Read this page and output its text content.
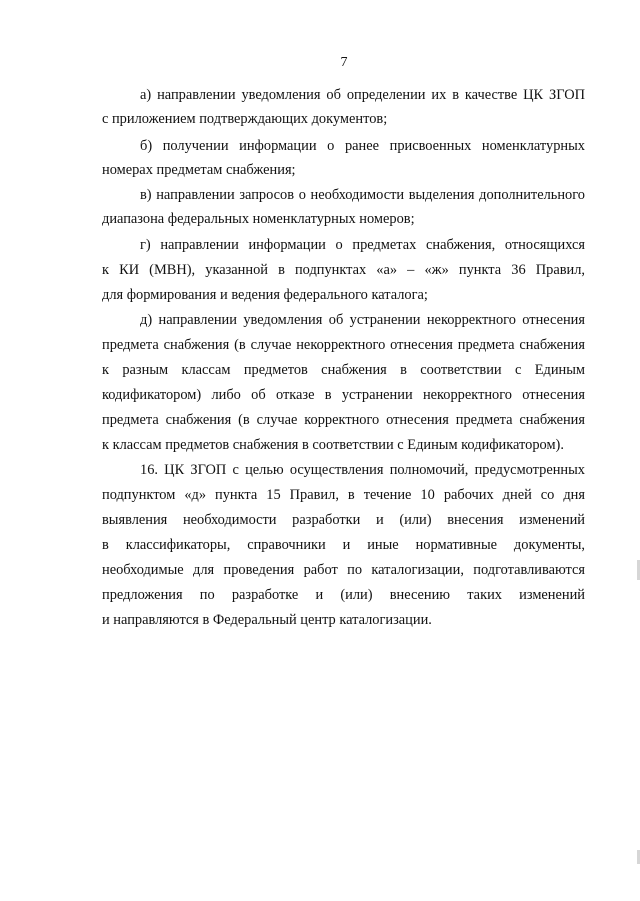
7
а) направлении уведомления об определении их в качестве ЦК ЗГОП
с приложением подтверждающих документов;
б) получении информации о ранее присвоенных номенклатурных
номерах предметам снабжения;
в) направлении запросов о необходимости выделения дополнительного
диапазона федеральных номенклатурных номеров;
г) направлении информации о предметах снабжения, относящихся
к КИ (МВН), указанной в подпунктах «а» – «ж» пункта 36 Правил,
для формирования и ведения федерального каталога;
д) направлении уведомления об устранении некорректного отнесения
предмета снабжения (в случае некорректного отнесения предмета снабжения
к разным классам предметов снабжения в соответствии с Единым
кодификатором) либо об отказе в устранении некорректного отнесения
предмета снабжения (в случае корректного отнесения предмета снабжения
к классам предметов снабжения в соответствии с Единым кодификатором).
16. ЦК ЗГОП с целью осуществления полномочий, предусмотренных
подпунктом «д» пункта 15 Правил, в течение 10 рабочих дней со дня
выявления необходимости разработки и (или) внесения изменений
в классификаторы, справочники и иные нормативные документы,
необходимые для проведения работ по каталогизации, подготавливаются
предложения по разработке и (или) внесению таких изменений
и направляются в Федеральный центр каталогизации.
